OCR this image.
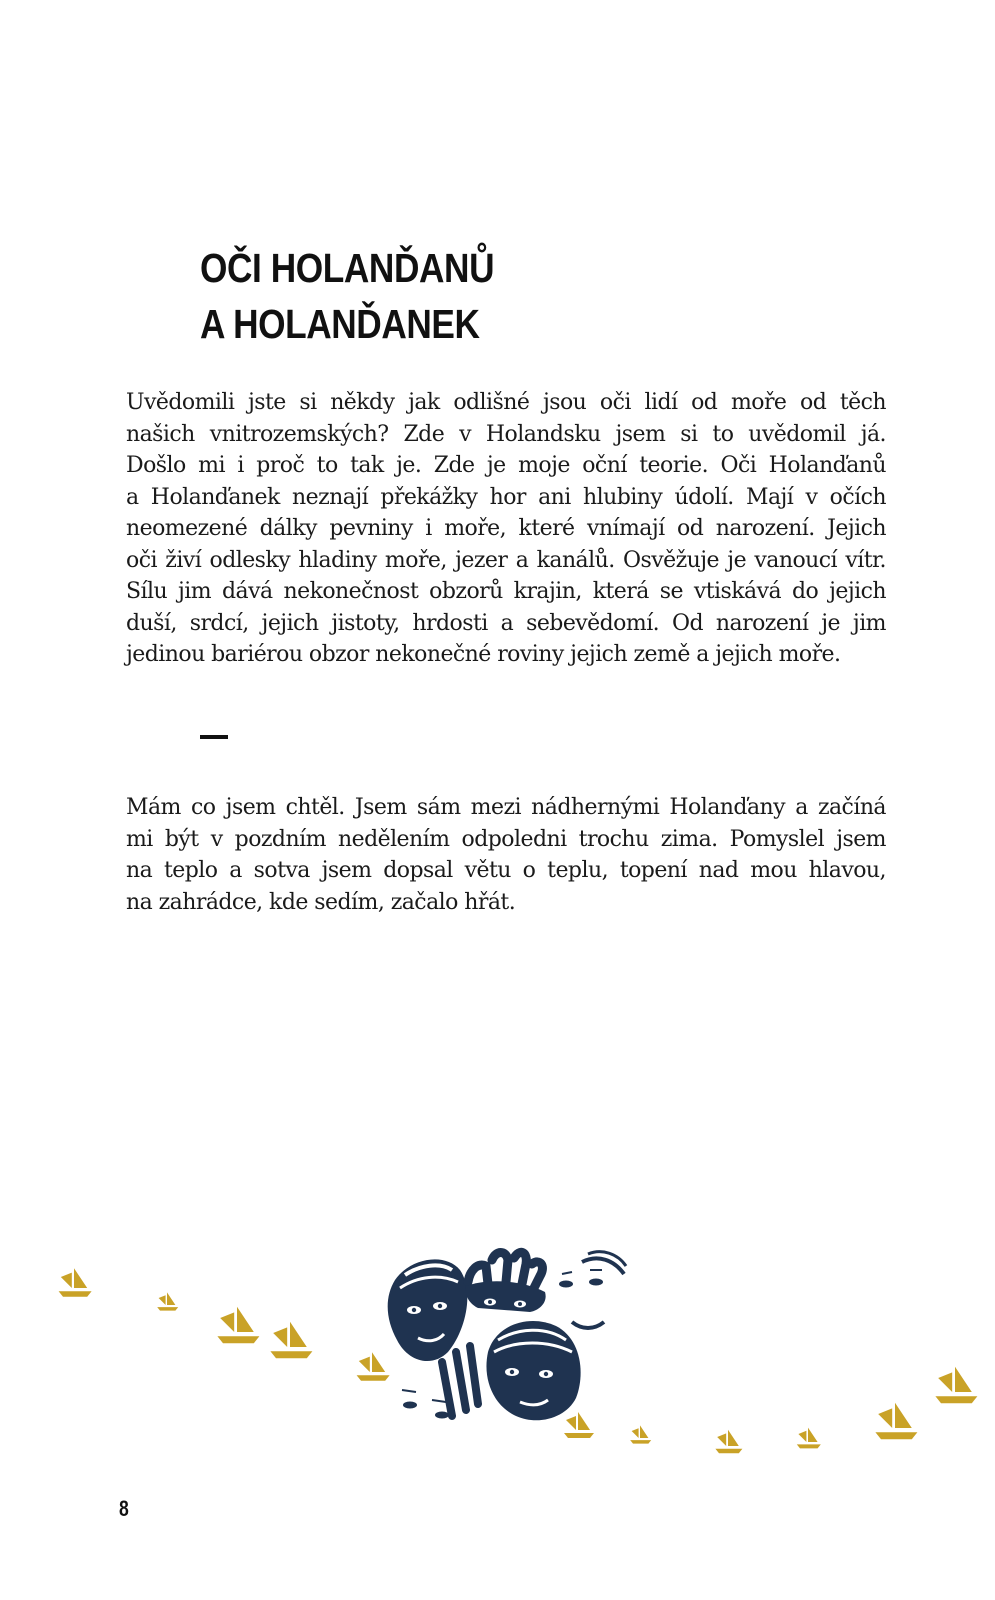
OČI HOLANĎANŮ
A HOLANĎANEK
Uvědomili jste si někdy jak odlišné jsou oči lidí od moře od těch
našich vnitrozemských? Zde v Holandsku jsem si to uvědomil já.
Došlo mi i proč to tak je. Zde je moje oční teorie. Oči Holanďanů
a Holanďanek neznají překážky hor ani hlubiny údolí. Mají v očích
neomezené dálky pevniny i moře, které vnímají od narození. Jejich
oči živí odlesky hladiny moře, jezer a kanálů. Osvěžuje je vanoucí vítr.
Sílu jim dává nekonečnost obzorů krajin, která se vtiskává do jejich
duší, srdcí, jejich jistoty, hrdosti a sebevědomí. Od narození je jim
jedinou bariérou obzor nekonečné roviny jejich země a jejich moře.
Mám co jsem chtěl. Jsem sám mezi nádhernými Holanďany a začíná
mi být v pozdním nedělením odpoledni trochu zima. Pomyslel jsem
na teplo a sotva jsem dopsal větu o teplu, topení nad mou hlavou,
na zahrádce, kde sedím, začalo hřát.
8
